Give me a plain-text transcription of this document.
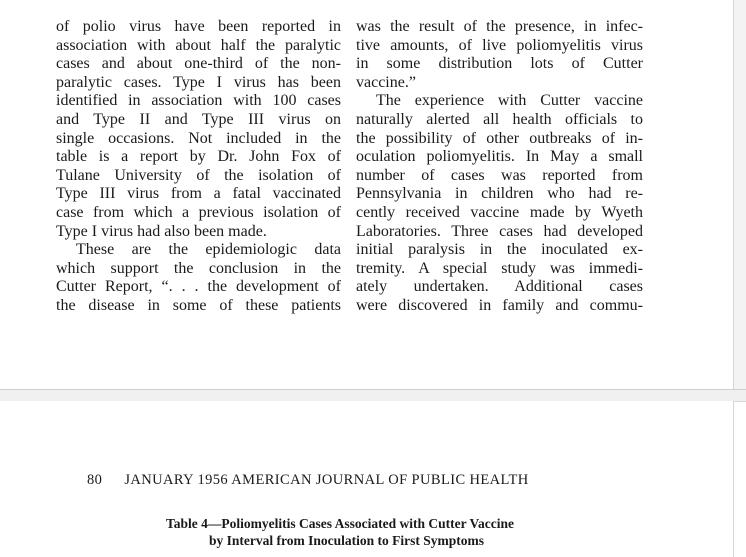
of polio virus have been reported in
association with about half the paralytic
cases and about one-third of the non-
paralytic cases. Type I virus has been
identified in association with 100 cases
and Type II and Type III virus on
single occasions. Not included in the
table is a report by Dr. John Fox of
Tulane University of the isolation of
Type III virus from a fatal vaccinated
case from which a previous isolation of
Type I virus had also been made.
These are the epidemiologic data
which support the conclusion in the
Cutter Report, “. . . the development of
the disease in some of these patients
was the result of the presence, in infec-
tive amounts, of live poliomyelitis virus
in some distribution lots of Cutter
vaccine.”
The experience with Cutter vaccine
naturally alerted all health officials to
the possibility of other outbreaks of in-
oculation poliomyelitis. In May a small
number of cases was reported from
Pennsylvania in children who had re-
cently received vaccine made by Wyeth
Laboratories. Three cases had developed
initial paralysis in the inoculated ex-
tremity. A special study was immedi-
ately undertaken. Additional cases
were discovered in family and commu-
80 JANUARY 1956 AMERICAN JOURNAL OF PUBLIC HEALTH
Table 4—Poliomyelitis Cases Associated with Cutter Vaccine
by Interval from Inoculation to First Symptoms
